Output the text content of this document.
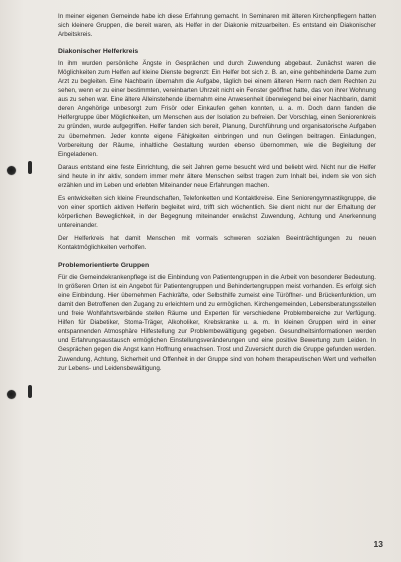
In meiner eigenen Gemeinde habe ich diese Erfahrung gemacht. In Seminaren mit älteren Kirchenpflegern hatten sich kleinere Gruppen, die bereit waren, als Helfer in der Diakonie mitzuarbeiten. Es entstand ein Diakonischer Arbeitskreis.

Diakonischer Helferkreis

In ihm wurden persönliche Ängste in Gesprächen und durch Zuwendung abgebaut. Zunächst waren die Möglichkeiten zum Helfen auf kleine Dienste begrenzt: Ein Helfer bot sich z. B. an, eine gehbehinderte Dame zum Arzt zu begleiten. Eine Nachbarin übernahm die Aufgabe, täglich bei einem älteren Herrn nach dem Rechten zu sehen, wenn er zu einer bestimmten, vereinbarten Uhrzeit nicht ein Fenster geöffnet hatte, das von ihrer Wohnung aus zu sehen war. Eine ältere Alleinstehende übernahm eine Anwesenheit überwiegend bei einer Nachbarin, damit deren Angehörige unbesorgt zum Frisör oder Einkaufen gehen konnten, u. a. m. Doch dann fanden die Helfergruppe über Möglichkeiten, um Menschen aus der Isolation zu befreien. Der Vorschlag, einen Seniorenkreis zu gründen, wurde aufgegriffen. Helfer fanden sich bereit, Planung, Durchführung und organisatorische Aufgaben zu übernehmen. Jeder konnte eigene Fähigkeiten einbringen und nun Gelingen beitragen. Einladungen, Vorbereitung der Räume, inhaltliche Gestaltung wurden ebenso übernommen, wie die Begleitung der Eingeladenen.

Daraus entstand eine feste Einrichtung, die seit Jahren gerne besucht wird und beliebt wird. Nicht nur die Helfer sind heute in ihr aktiv, sondern immer mehr ältere Menschen selbst tragen zum Inhalt bei, indem sie von sich erzählen und im Leben und erlebten Miteinander neue Erfahrungen machen.

Es entwickelten sich kleine Freundschaften, Telefonketten und Kontaktkreise. Eine Seniorengymnastikgruppe, die von einer sportlich aktiven Helferin begleitet wird, trifft sich wöchentlich. Sie dient nicht nur der Erhaltung der körperlichen Beweglichkeit, in der Begegnung miteinander erwächst Zuwendung, Achtung und Anerkennung untereinander.

Der Helferkreis hat damit Menschen mit vormals schweren sozialen Beeinträchtigungen zu neuen Kontaktmöglichkeiten verholfen.

Problemorientierte Gruppen

Für die Gemeindekrankenpflege ist die Einbindung von Patientengruppen in die Arbeit von besonderer Bedeutung. In größeren Orten ist ein Angebot für Patientengruppen und Behindertengruppen meist vorhanden. Es erfolgt sich eine Einbindung. Hier übernehmen Fachkräfte, oder Selbsthilfe zumeist eine Türöffner- und Brückenfunktion, um damit den Betroffenen den Zugang zu erleichtern und zu ermöglichen. Kirchengemeinden, Lebensberatungsstellen und freie Wohlfahrtsverbände stellen Räume und Experten für verschiedene Problembereiche zur Verfügung. Hilfen für Diabetiker, Stoma-Träger, Alkoholiker, Krebskranke u. a. m. In kleinen Gruppen wird in einer entspannenden Atmosphäre Hilfestellung zur Problembewältigung gegeben. Gesundheitsinformationen werden und Erfahrungsaustausch ermöglichen Einstellungsveränderungen und eine positive Bewertung zum Leiden. In Gesprächen gegen die Angst kann Hoffnung erwachsen. Trost und Zuversicht durch die Gruppe gefunden werden. Zuwendung, Achtung, Sicherheit und Offenheit in der Gruppe sind von hohem therapeutischen Wert und verhelfen zur Lebens- und Leidensbewältigung.

13
